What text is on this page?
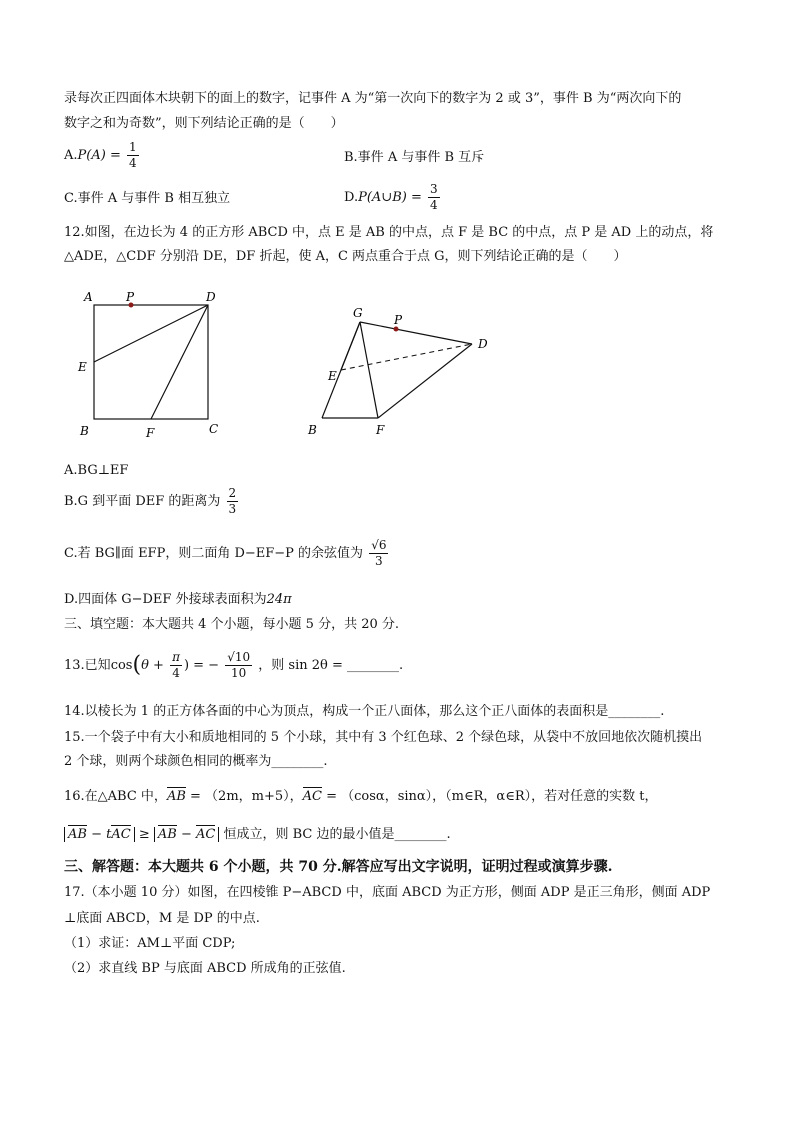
录每次正四面体木块朝下的面上的数字，记事件 A 为“第一次向下的数字为 2 或 3”，事件 B 为“两次向下的
数字之和为奇数”，则下列结论正确的是（　　）
$A.P(A) = \frac{1}{4}$	B.事件 A 与事件 B 互斥
C.事件 A 与事件 B 相互独立	D.P(A∪B) = $\frac{3}{4}$
12.如图，在边长为 4 的正方形 ABCD 中，点 E 是 AB 的中点，点 F 是 BC 的中点，点 P 是 AD 上的动点，将
△ADE，△CDF 分别沿 DE，DF 折起，使 A，C 两点重合于点 G，则下列结论正确的是（　　）
A	P	D
E
B	F	C
G	P
D
E
B	F
A.BG⊥EF
B.G 到平面 DEF 的距离为 $\frac{2}{3}$
C.若 BG∥面 EFP，则二面角 D−EF−P 的余弦值为 $\frac{√6}{3}$
D.四面体 G−DEF 外接球表面积为24π
三、填空题：本大题共 4 个小题，每小题 5 分，共 20 分.
13.已知$\cos(\theta + \frac{\pi}{4}$ ) = − $\frac{√10}{10}$ ，则 sin 2θ = ________.
14.以棱长为 1 的正方体各面的中心为顶点，构成一个正八面体，那么这个正八面体的表面积是________.
15.一个袋子中有大小和质地相同的 5 个小球，其中有 3 个红色球、2 个绿色球，从袋中不放回地依次随机摸出
2 个球，则两个球颜色相同的概率为________.
16.在△ABC 中，AB = （2m，m+5），AC = （cosα，sinα），（m∈R，α∈R），若对任意的实数 t，
AB − tAC ≥ AB − AC 恒成立，则 BC 边的最小值是________.
三、解答题：本大题共 6 个小题，共 70 分.解答应写出文字说明，证明过程或演算步骤.
17.（本小题 10 分）如图，在四棱锥 P−ABCD 中，底面 ABCD 为正方形，侧面 ADP 是正三角形，侧面 ADP
⊥底面 ABCD，M 是 DP 的中点.
（1）求证：AM⊥平面 CDP;
（2）求直线 BP 与底面 ABCD 所成角的正弦值.
